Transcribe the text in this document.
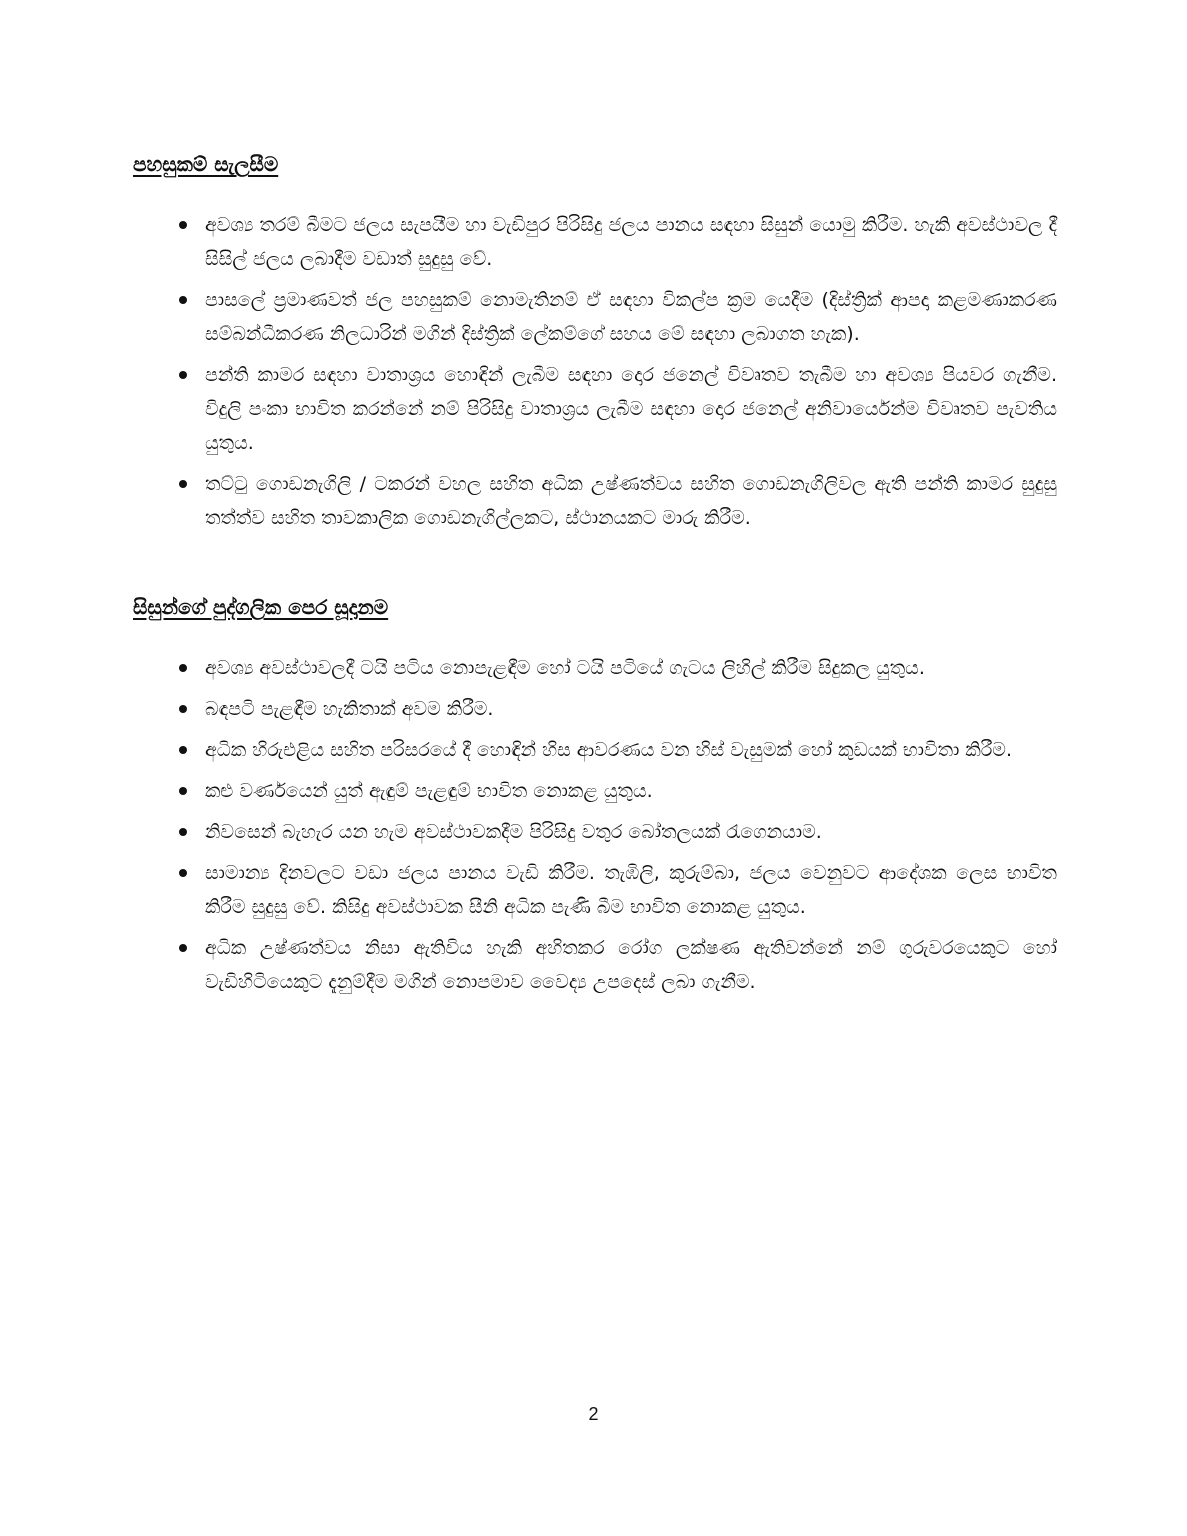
පහසුකම් සැලසීම
අවශ්‍ය තරම් බීමට ජලය සැපයීම හා වැඩිපුර පිරිසිදු ජලය පානය සඳහා සිසුන් යොමු කිරීම. හැකි අවස්ථාවල දී සිසිල් ජලය ලබාදීම වඩාත් සුදුසු වේ.
පාසලේ ප්‍රමාණවත් ජල පහසුකම් නොමැතිනම් ඒ සඳහා විකල්ප ක්‍රම යෙදීම (දිස්ත්‍රික් ආපදා කළමණාකරණ සම්බන්ධීකරණ නිලධාරින් මගින් දිස්ත්‍රික් ලේකම්ගේ සහය මේ සඳහා ලබාගත හැක).
පන්ති කාමර සඳහා වාතාශ්‍රය හොඳින් ලැබීම සඳහා දොර ජනෙල් විවෘතව තැබීම හා අවශ්‍ය පියවර ගැනීම. විදුලි පංකා භාවිත කරන්නේ නම් පිරිසිදු වාතාශ්‍රය ලැබීම සඳහා දොර ජනෙල් අනිවාර්යෙන්ම විවෘතව පැවතිය යුතුය.
තට්ටු ගොඩනැගිලි / ටකරන් වහල සහිත අධික උෂ්ණත්වය සහිත ගොඩනැගිලිවල ඇති පන්ති කාමර සුදුසු තත්ත්ව සහිත තාවකාලික ගොඩනැගිල්ලකට, ස්ථානයකට මාරු කිරීම.
සිසුන්ගේ පුද්ගලික පෙර සූදානම
අවශ්‍ය අවස්ථාවලදී ටයි පටිය නොපැළඳීම හෝ ටයි පටියේ ගැටය ලිහිල් කිරීම සිදුකල යුතුය.
බඳපටි පැළඳීම හැකිතාක් අවම කිරීම.
අධික හිරුඑළිය සහිත පරිසරයේ දී හොඳින් හිස ආවරණය වන හිස් වැසුමක් හෝ කුඩයක් භාවිතා කිරීම.
කළු වර්ණයෙන් යුත් ඇඳුම් පැළඳුම් භාවිත නොකළ යුතුය.
නිවසෙන් බැහැර යන හැම අවස්ථාවකදීම පිරිසිදු වතුර බෝතලයක් රැගෙනයාම.
සාමාන්‍ය දිනවලට වඩා ජලය පානය වැඩි කිරීම. තැඹිලි, කුරුම්බා, ජලය වෙනුවට ආදේශක ලෙස භාවිත කිරීම සුදුසු වේ. කිසිදු අවස්ථාවක සීනි අධික පැණි බීම භාවිත නොකළ යුතුය.
අධික උෂ්ණත්වය නිසා ඇතිවිය හැකි අහිතකර රෝග ලක්ෂණ ඇතිවන්නේ නම් ගුරුවරයෙකුට හෝ වැඩිහිටියෙකුට දැනුම්දීම මගින් නොපමාව වෛද්‍ය උපදෙස් ලබා ගැනීම.
2
